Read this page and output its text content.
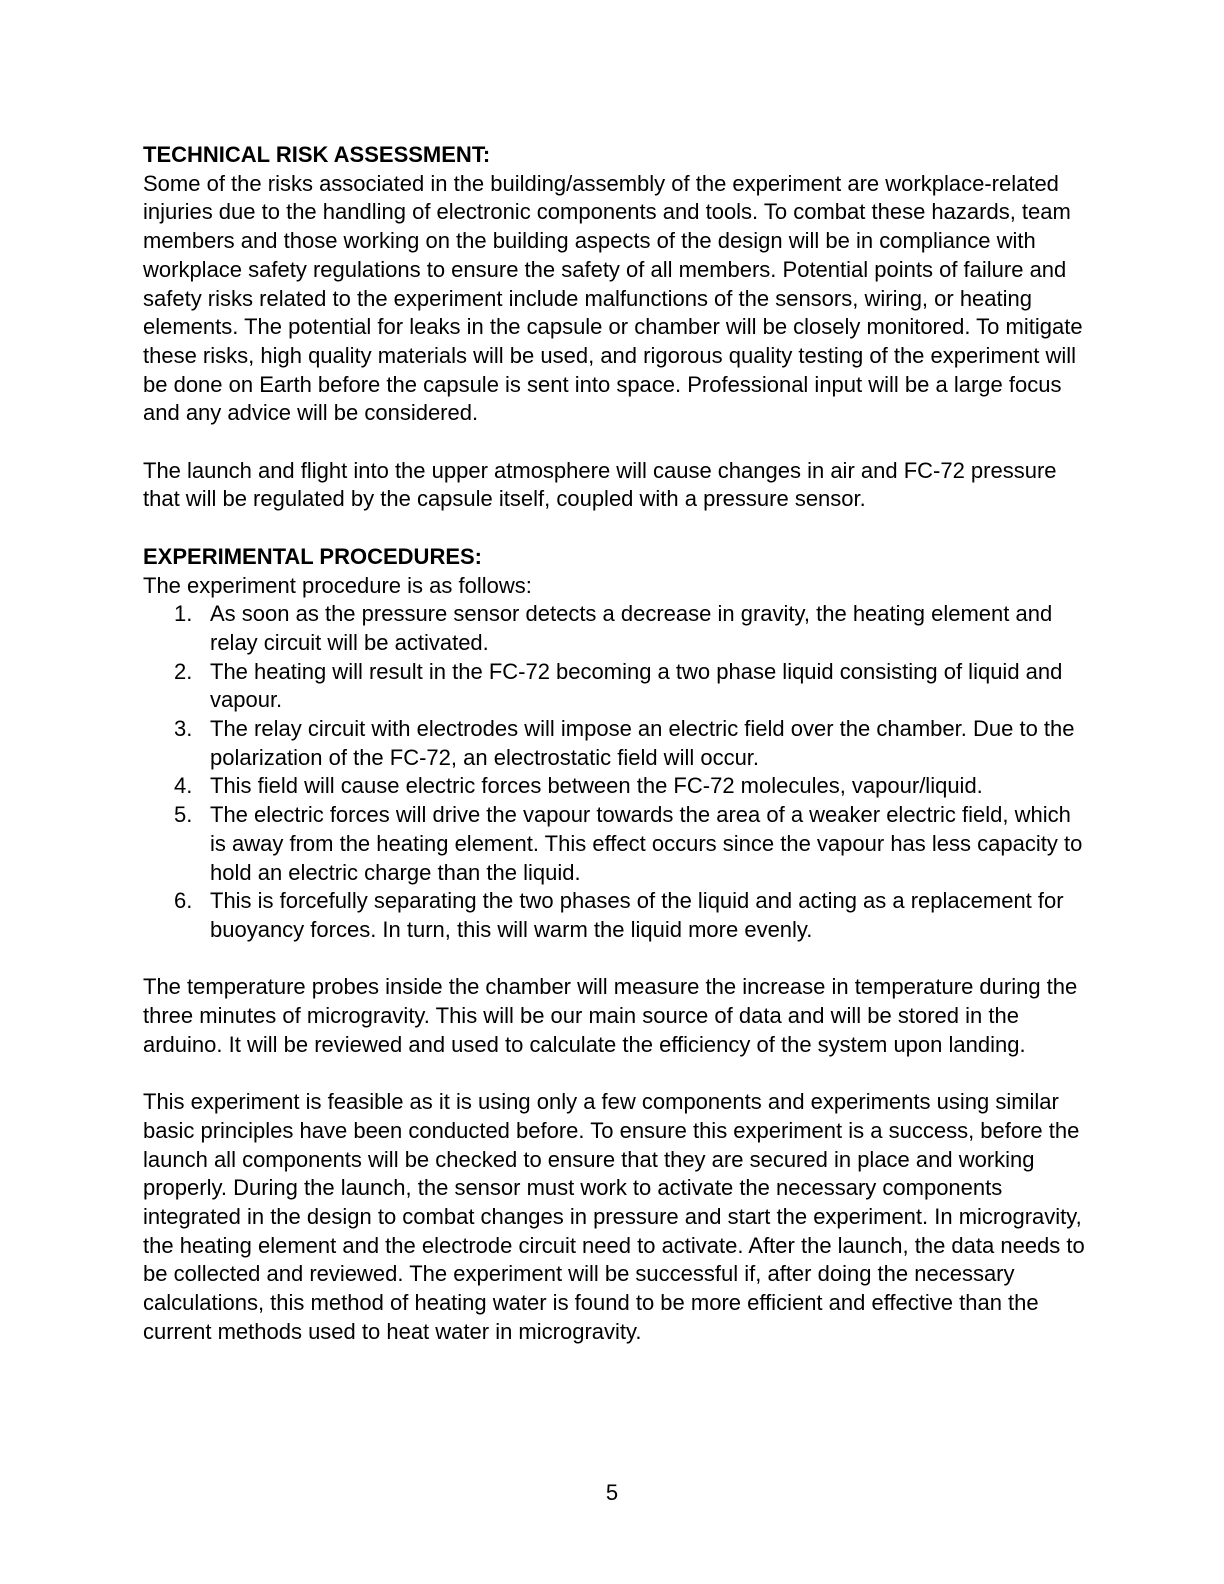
TECHNICAL RISK ASSESSMENT:

Some of the risks associated in the building/assembly of the experiment are workplace-related injuries due to the handling of electronic components and tools. To combat these hazards, team members and those working on the building aspects of the design will be in compliance with workplace safety regulations to ensure the safety of all members. Potential points of failure and safety risks related to the experiment include malfunctions of the sensors, wiring, or heating elements. The potential for leaks in the capsule or chamber will be closely monitored. To mitigate these risks, high quality materials will be used, and rigorous quality testing of the experiment will be done on Earth before the capsule is sent into space. Professional input will be a large focus and any advice will be considered.

The launch and flight into the upper atmosphere will cause changes in air and FC-72 pressure that will be regulated by the capsule itself, coupled with a pressure sensor.

EXPERIMENTAL PROCEDURES:

The experiment procedure is as follows:

1. As soon as the pressure sensor detects a decrease in gravity, the heating element and relay circuit will be activated.
2. The heating will result in the FC-72 becoming a two phase liquid consisting of liquid and vapour.
3. The relay circuit with electrodes will impose an electric field over the chamber. Due to the polarization of the FC-72, an electrostatic field will occur.
4. This field will cause electric forces between the FC-72 molecules, vapour/liquid.
5. The electric forces will drive the vapour towards the area of a weaker electric field, which is away from the heating element. This effect occurs since the vapour has less capacity to hold an electric charge than the liquid.
6. This is forcefully separating the two phases of the liquid and acting as a replacement for buoyancy forces. In turn, this will warm the liquid more evenly.

The temperature probes inside the chamber will measure the increase in temperature during the three minutes of microgravity. This will be our main source of data and will be stored in the arduino. It will be reviewed and used to calculate the efficiency of the system upon landing.

This experiment is feasible as it is using only a few components and experiments using similar basic principles have been conducted before. To ensure this experiment is a success, before the launch all components will be checked to ensure that they are secured in place and working properly. During the launch, the sensor must work to activate the necessary components integrated in the design to combat changes in pressure and start the experiment. In microgravity, the heating element and the electrode circuit need to activate. After the launch, the data needs to be collected and reviewed. The experiment will be successful if, after doing the necessary calculations, this method of heating water is found to be more efficient and effective than the current methods used to heat water in microgravity.

5
